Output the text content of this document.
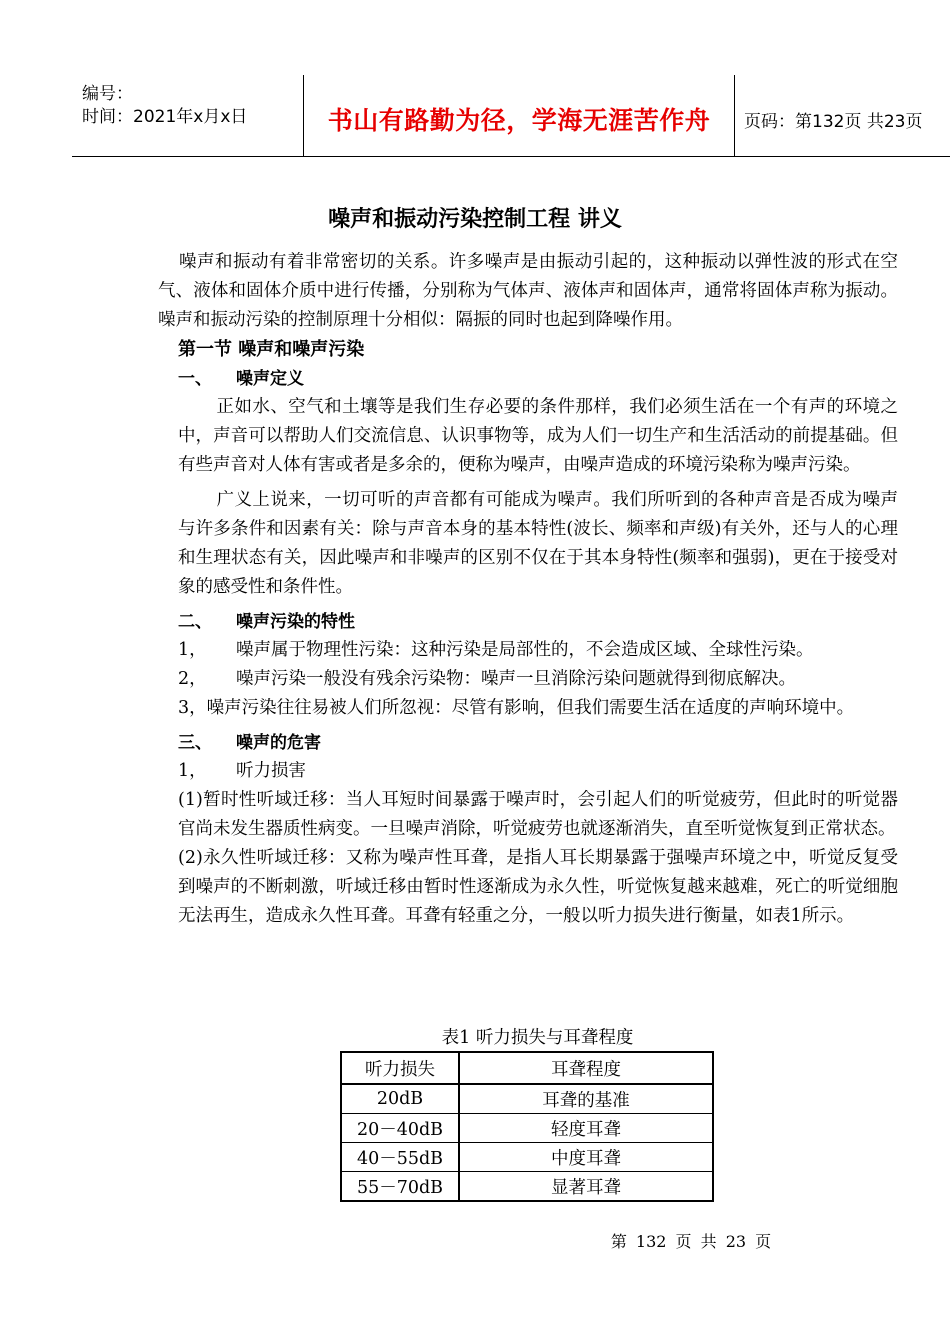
编号：
时间：2021年x月x日	书山有路勤为径，学海无涯苦作舟	页码：第132页 共23页
噪声和振动污染控制工程 讲义

噪声和振动有着非常密切的关系。许多噪声是由振动引起的，这种振动以弹性波的形式在空气、液体和固体介质中进行传播，分别称为气体声、液体声和固体声，通常将固体声称为振动。噪声和振动污染的控制原理十分相似：隔振的同时也起到降噪作用。

第一节 噪声和噪声污染

一、 噪声定义

正如水、空气和土壤等是我们生存必要的条件那样，我们必须生活在一个有声的环境之中，声音可以帮助人们交流信息、认识事物等，成为人们一切生产和生活活动的前提基础。但有些声音对人体有害或者是多余的，便称为噪声，由噪声造成的环境污染称为噪声污染。

广义上说来，一切可听的声音都有可能成为噪声。我们所听到的各种声音是否成为噪声与许多条件和因素有关：除与声音本身的基本特性(波长、频率和声级)有关外，还与人的心理和生理状态有关，因此噪声和非噪声的区别不仅在于其本身特性(频率和强弱)，更在于接受对象的感受性和条件性。

二、 噪声污染的特性

1， 噪声属于物理性污染：这种污染是局部性的，不会造成区域、全球性污染。

2， 噪声污染一般没有残余污染物：噪声一旦消除污染问题就得到彻底解决。

3，噪声污染往往易被人们所忽视：尽管有影响，但我们需要生活在适度的声响环境中。

三、 噪声的危害

1， 听力损害

(1)暂时性听域迁移：当人耳短时间暴露于噪声时，会引起人们的听觉疲劳，但此时的听觉器官尚未发生器质性病变。一旦噪声消除，听觉疲劳也就逐渐消失，直至听觉恢复到正常状态。

(2)永久性听域迁移：又称为噪声性耳聋，是指人耳长期暴露于强噪声环境之中，听觉反复受到噪声的不断刺激，听域迁移由暂时性逐渐成为永久性，听觉恢复越来越难，死亡的听觉细胞无法再生，造成永久性耳聋。耳聋有轻重之分，一般以听力损失进行衡量，如表1所示。

表1 听力损失与耳聋程度
听力损失	耳聋程度
20dB	耳聋的基准
20－40dB	轻度耳聋
40－55dB	中度耳聋
55－70dB	显著耳聋
第 132 页 共 23 页
